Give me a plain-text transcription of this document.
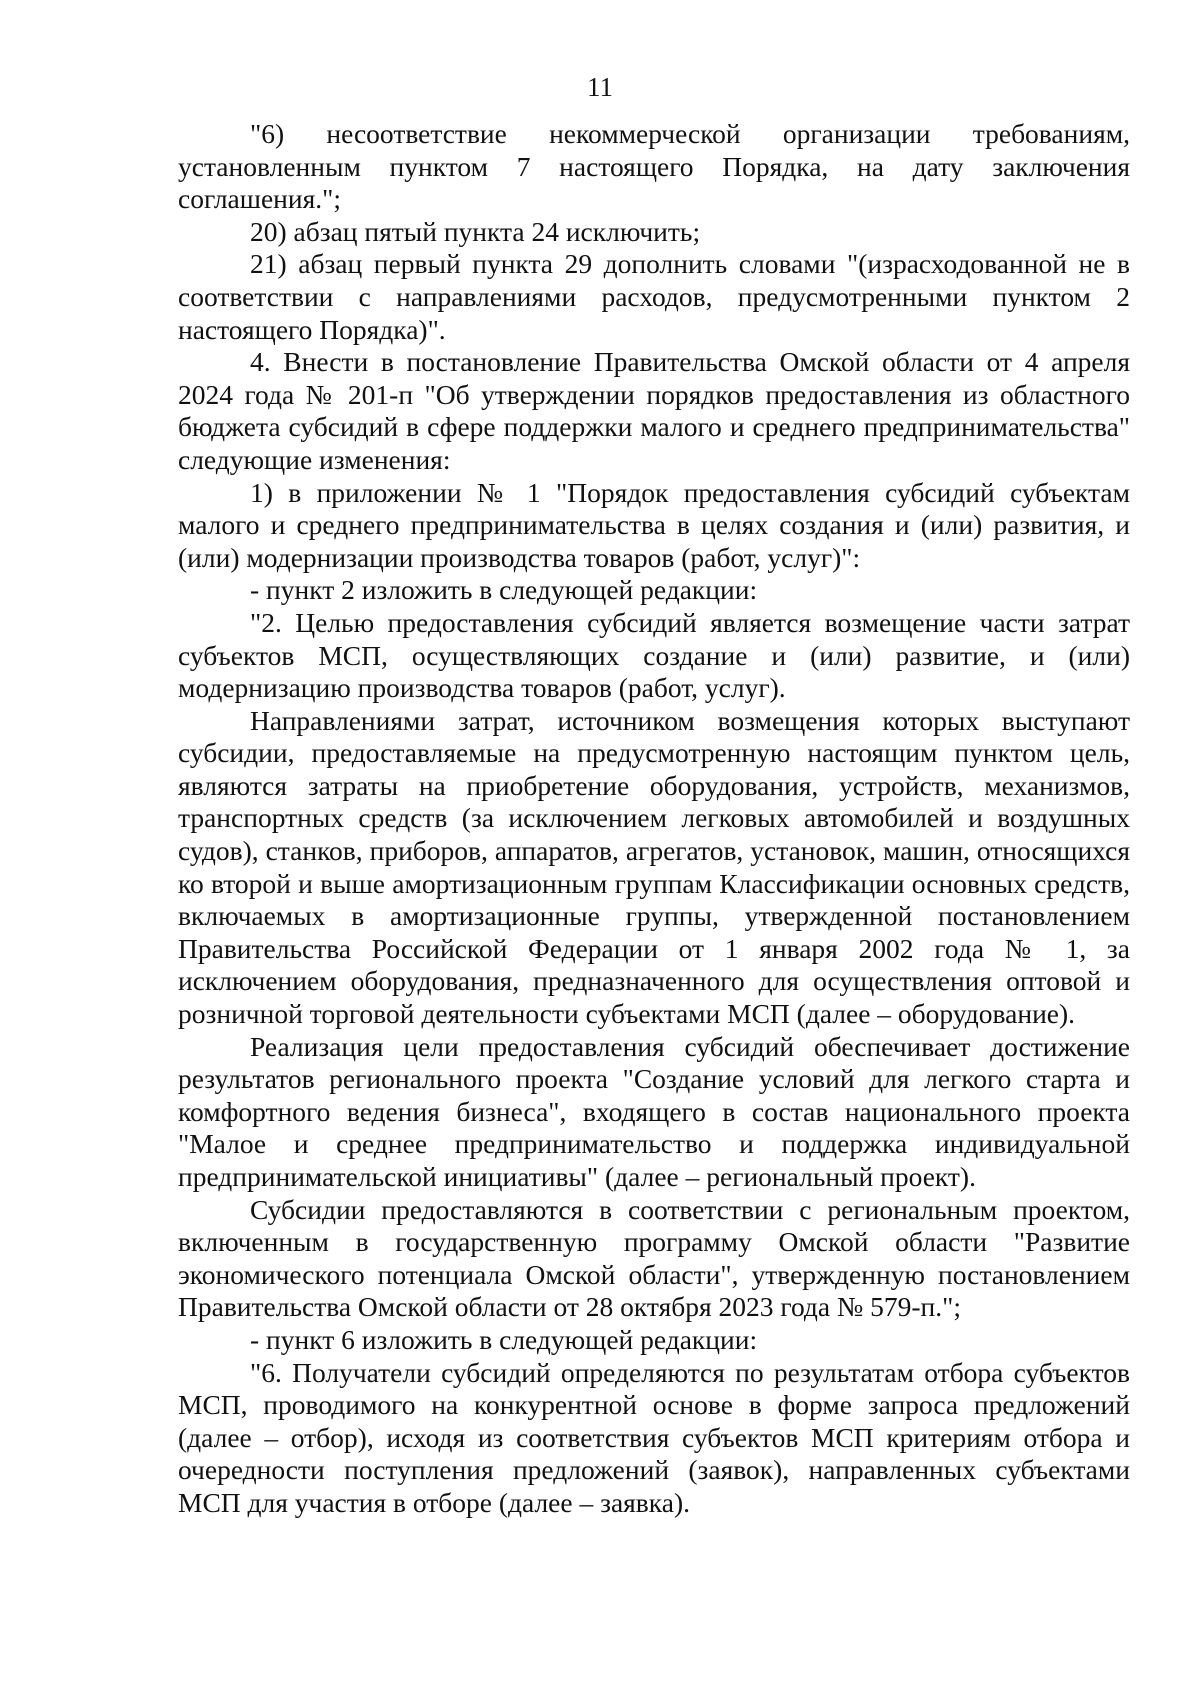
11

"6) несоответствие некоммерческой организации требованиям, установленным пунктом 7 настоящего Порядка, на дату заключения соглашения.";

20) абзац пятый пункта 24 исключить;

21) абзац первый пункта 29 дополнить словами "(израсходованной не в соответствии с направлениями расходов, предусмотренными пунктом 2 настоящего Порядка)".

4. Внести в постановление Правительства Омской области от 4 апреля 2024 года № 201-п "Об утверждении порядков предоставления из областного бюджета субсидий в сфере поддержки малого и среднего предпринимательства" следующие изменения:

1) в приложении № 1 "Порядок предоставления субсидий субъектам малого и среднего предпринимательства в целях создания и (или) развития, и (или) модернизации производства товаров (работ, услуг)":

- пункт 2 изложить в следующей редакции:

"2. Целью предоставления субсидий является возмещение части затрат субъектов МСП, осуществляющих создание и (или) развитие, и (или) модернизацию производства товаров (работ, услуг).

Направлениями затрат, источником возмещения которых выступают субсидии, предоставляемые на предусмотренную настоящим пунктом цель, являются затраты на приобретение оборудования, устройств, механизмов, транспортных средств (за исключением легковых автомобилей и воздушных судов), станков, приборов, аппаратов, агрегатов, установок, машин, относящихся ко второй и выше амортизационным группам Классификации основных средств, включаемых в амортизационные группы, утвержденной постановлением Правительства Российской Федерации от 1 января 2002 года № 1, за исключением оборудования, предназначенного для осуществления оптовой и розничной торговой деятельности субъектами МСП (далее – оборудование).

Реализация цели предоставления субсидий обеспечивает достижение результатов регионального проекта "Создание условий для легкого старта и комфортного ведения бизнеса", входящего в состав национального проекта "Малое и среднее предпринимательство и поддержка индивидуальной предпринимательской инициативы" (далее – региональный проект).

Субсидии предоставляются в соответствии с региональным проектом, включенным в государственную программу Омской области "Развитие экономического потенциала Омской области", утвержденную постановлением Правительства Омской области от 28 октября 2023 года № 579-п.";

- пункт 6 изложить в следующей редакции:

"6. Получатели субсидий определяются по результатам отбора субъектов МСП, проводимого на конкурентной основе в форме запроса предложений (далее – отбор), исходя из соответствия субъектов МСП критериям отбора и очередности поступления предложений (заявок), направленных субъектами МСП для участия в отборе (далее – заявка).
